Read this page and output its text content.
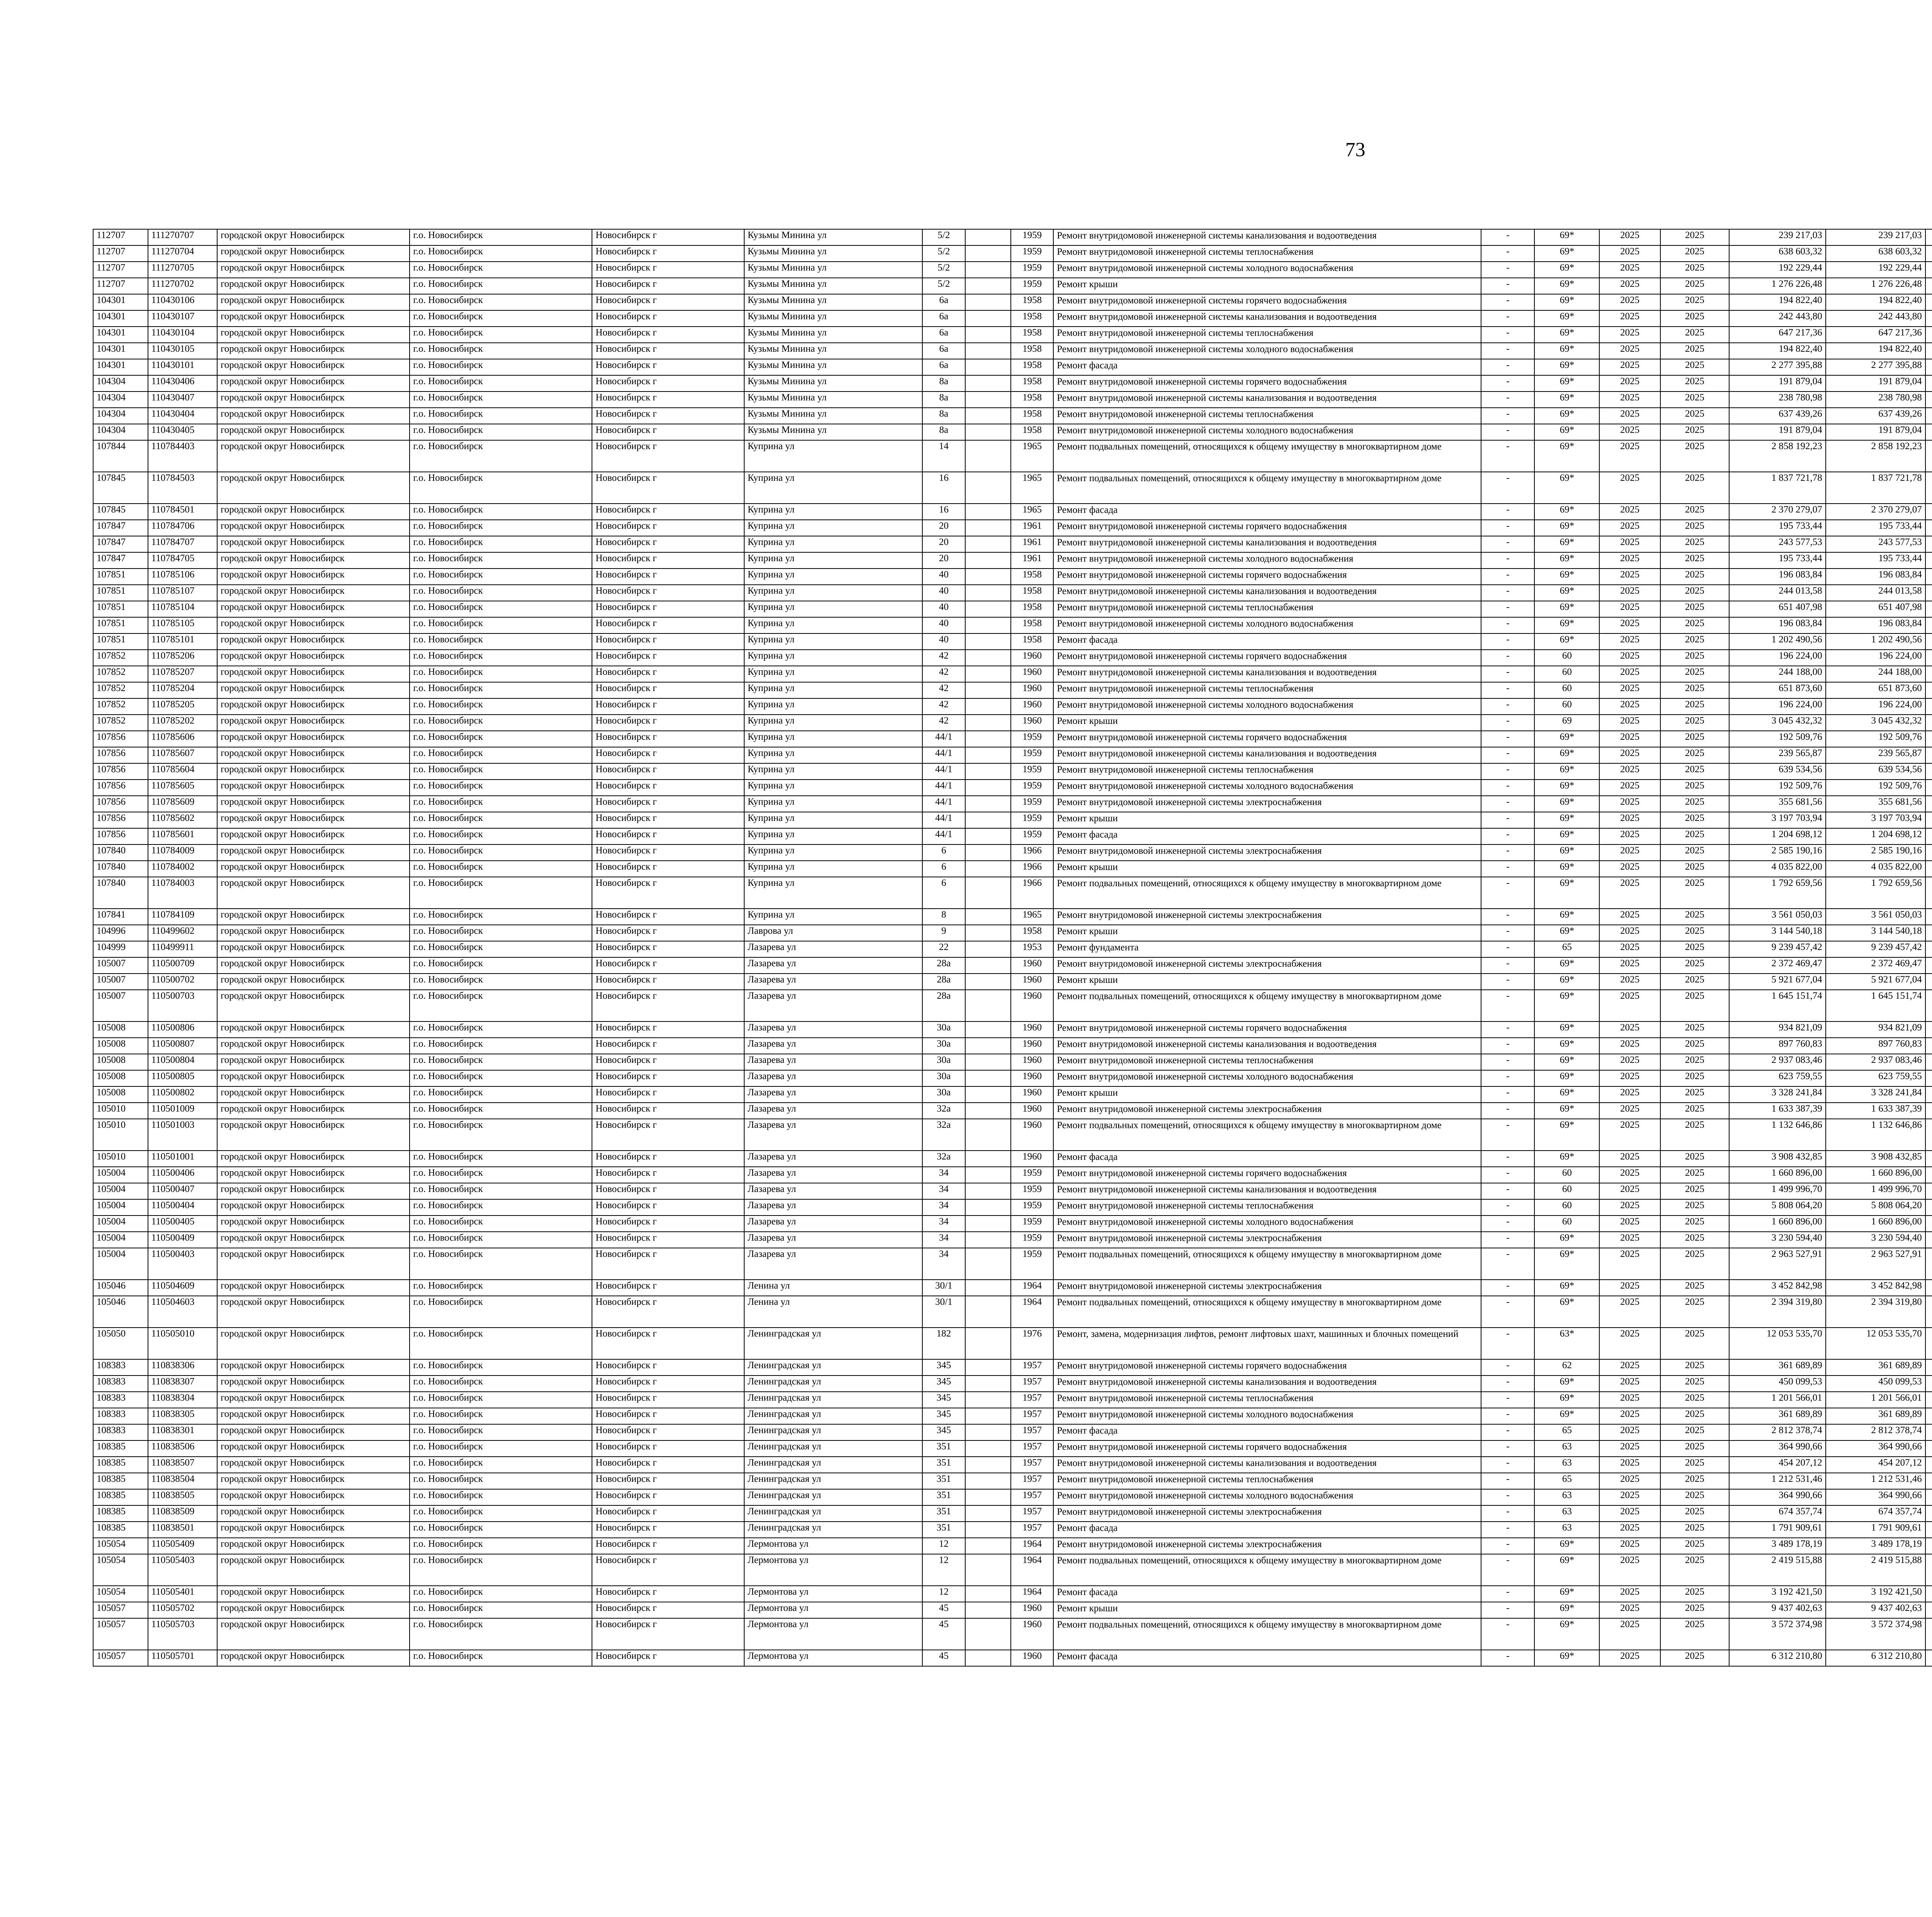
73
112707	111270707	городской округ Новосибирск	г.о. Новосибирск	Новосибирск г	Кузьмы Минина ул	5/2		1959	Ремонт внутридомовой инженерной системы канализования и водоотведения	-	69*	2025	2025	239 217,03	239 217,03						
112707	111270704	городской округ Новосибирск	г.о. Новосибирск	Новосибирск г	Кузьмы Минина ул	5/2		1959	Ремонт внутридомовой инженерной системы теплоснабжения	-	69*	2025	2025	638 603,32	638 603,32						
112707	111270705	городской округ Новосибирск	г.о. Новосибирск	Новосибирск г	Кузьмы Минина ул	5/2		1959	Ремонт внутридомовой инженерной системы холодного водоснабжения	-	69*	2025	2025	192 229,44	192 229,44						
112707	111270702	городской округ Новосибирск	г.о. Новосибирск	Новосибирск г	Кузьмы Минина ул	5/2		1959	Ремонт крыши	-	69*	2025	2025	1 276 226,48	1 276 226,48						
104301	110430106	городской округ Новосибирск	г.о. Новосибирск	Новосибирск г	Кузьмы Минина ул	6а		1958	Ремонт внутридомовой инженерной системы горячего водоснабжения	-	69*	2025	2025	194 822,40	194 822,40						
104301	110430107	городской округ Новосибирск	г.о. Новосибирск	Новосибирск г	Кузьмы Минина ул	6а		1958	Ремонт внутридомовой инженерной системы канализования и водоотведения	-	69*	2025	2025	242 443,80	242 443,80						
104301	110430104	городской округ Новосибирск	г.о. Новосибирск	Новосибирск г	Кузьмы Минина ул	6а		1958	Ремонт внутридомовой инженерной системы теплоснабжения	-	69*	2025	2025	647 217,36	647 217,36						
104301	110430105	городской округ Новосибирск	г.о. Новосибирск	Новосибирск г	Кузьмы Минина ул	6а		1958	Ремонт внутридомовой инженерной системы холодного водоснабжения	-	69*	2025	2025	194 822,40	194 822,40						
104301	110430101	городской округ Новосибирск	г.о. Новосибирск	Новосибирск г	Кузьмы Минина ул	6а		1958	Ремонт фасада	-	69*	2025	2025	2 277 395,88	2 277 395,88						
104304	110430406	городской округ Новосибирск	г.о. Новосибирск	Новосибирск г	Кузьмы Минина ул	8а		1958	Ремонт внутридомовой инженерной системы горячего водоснабжения	-	69*	2025	2025	191 879,04	191 879,04						
104304	110430407	городской округ Новосибирск	г.о. Новосибирск	Новосибирск г	Кузьмы Минина ул	8а		1958	Ремонт внутридомовой инженерной системы канализования и водоотведения	-	69*	2025	2025	238 780,98	238 780,98						
104304	110430404	городской округ Новосибирск	г.о. Новосибирск	Новосибирск г	Кузьмы Минина ул	8а		1958	Ремонт внутридомовой инженерной системы теплоснабжения	-	69*	2025	2025	637 439,26	637 439,26						
104304	110430405	городской округ Новосибирск	г.о. Новосибирск	Новосибирск г	Кузьмы Минина ул	8а		1958	Ремонт внутридомовой инженерной системы холодного водоснабжения	-	69*	2025	2025	191 879,04	191 879,04						
107844	110784403	городской округ Новосибирск	г.о. Новосибирск	Новосибирск г	Куприна ул	14		1965	Ремонт подвальных помещений, относящихся к общему имуществу в многоквартирном доме	-	69*	2025	2025	2 858 192,23	2 858 192,23						
107845	110784503	городской округ Новосибирск	г.о. Новосибирск	Новосибирск г	Куприна ул	16		1965	Ремонт подвальных помещений, относящихся к общему имуществу в многоквартирном доме	-	69*	2025	2025	1 837 721,78	1 837 721,78						
107845	110784501	городской округ Новосибирск	г.о. Новосибирск	Новосибирск г	Куприна ул	16		1965	Ремонт фасада	-	69*	2025	2025	2 370 279,07	2 370 279,07						
107847	110784706	городской округ Новосибирск	г.о. Новосибирск	Новосибирск г	Куприна ул	20		1961	Ремонт внутридомовой инженерной системы горячего водоснабжения	-	69*	2025	2025	195 733,44	195 733,44						
107847	110784707	городской округ Новосибирск	г.о. Новосибирск	Новосибирск г	Куприна ул	20		1961	Ремонт внутридомовой инженерной системы канализования и водоотведения	-	69*	2025	2025	243 577,53	243 577,53						
107847	110784705	городской округ Новосибирск	г.о. Новосибирск	Новосибирск г	Куприна ул	20		1961	Ремонт внутридомовой инженерной системы холодного водоснабжения	-	69*	2025	2025	195 733,44	195 733,44						
107851	110785106	городской округ Новосибирск	г.о. Новосибирск	Новосибирск г	Куприна ул	40		1958	Ремонт внутридомовой инженерной системы горячего водоснабжения	-	69*	2025	2025	196 083,84	196 083,84						
107851	110785107	городской округ Новосибирск	г.о. Новосибирск	Новосибирск г	Куприна ул	40		1958	Ремонт внутридомовой инженерной системы канализования и водоотведения	-	69*	2025	2025	244 013,58	244 013,58						
107851	110785104	городской округ Новосибирск	г.о. Новосибирск	Новосибирск г	Куприна ул	40		1958	Ремонт внутридомовой инженерной системы теплоснабжения	-	69*	2025	2025	651 407,98	651 407,98						
107851	110785105	городской округ Новосибирск	г.о. Новосибирск	Новосибирск г	Куприна ул	40		1958	Ремонт внутридомовой инженерной системы холодного водоснабжения	-	69*	2025	2025	196 083,84	196 083,84						
107851	110785101	городской округ Новосибирск	г.о. Новосибирск	Новосибирск г	Куприна ул	40		1958	Ремонт фасада	-	69*	2025	2025	1 202 490,56	1 202 490,56						
107852	110785206	городской округ Новосибирск	г.о. Новосибирск	Новосибирск г	Куприна ул	42		1960	Ремонт внутридомовой инженерной системы горячего водоснабжения	-	60	2025	2025	196 224,00	196 224,00						
107852	110785207	городской округ Новосибирск	г.о. Новосибирск	Новосибирск г	Куприна ул	42		1960	Ремонт внутридомовой инженерной системы канализования и водоотведения	-	60	2025	2025	244 188,00	244 188,00						
107852	110785204	городской округ Новосибирск	г.о. Новосибирск	Новосибирск г	Куприна ул	42		1960	Ремонт внутридомовой инженерной системы теплоснабжения	-	60	2025	2025	651 873,60	651 873,60						
107852	110785205	городской округ Новосибирск	г.о. Новосибирск	Новосибирск г	Куприна ул	42		1960	Ремонт внутридомовой инженерной системы холодного водоснабжения	-	60	2025	2025	196 224,00	196 224,00						
107852	110785202	городской округ Новосибирск	г.о. Новосибирск	Новосибирск г	Куприна ул	42		1960	Ремонт крыши	-	69	2025	2025	3 045 432,32	3 045 432,32						
107856	110785606	городской округ Новосибирск	г.о. Новосибирск	Новосибирск г	Куприна ул	44/1		1959	Ремонт внутридомовой инженерной системы горячего водоснабжения	-	69*	2025	2025	192 509,76	192 509,76						
107856	110785607	городской округ Новосибирск	г.о. Новосибирск	Новосибирск г	Куприна ул	44/1		1959	Ремонт внутридомовой инженерной системы канализования и водоотведения	-	69*	2025	2025	239 565,87	239 565,87						
107856	110785604	городской округ Новосибирск	г.о. Новосибирск	Новосибирск г	Куприна ул	44/1		1959	Ремонт внутридомовой инженерной системы теплоснабжения	-	69*	2025	2025	639 534,56	639 534,56						
107856	110785605	городской округ Новосибирск	г.о. Новосибирск	Новосибирск г	Куприна ул	44/1		1959	Ремонт внутридомовой инженерной системы холодного водоснабжения	-	69*	2025	2025	192 509,76	192 509,76						
107856	110785609	городской округ Новосибирск	г.о. Новосибирск	Новосибирск г	Куприна ул	44/1		1959	Ремонт внутридомовой инженерной системы электроснабжения	-	69*	2025	2025	355 681,56	355 681,56						
107856	110785602	городской округ Новосибирск	г.о. Новосибирск	Новосибирск г	Куприна ул	44/1		1959	Ремонт крыши	-	69*	2025	2025	3 197 703,94	3 197 703,94						
107856	110785601	городской округ Новосибирск	г.о. Новосибирск	Новосибирск г	Куприна ул	44/1		1959	Ремонт фасада	-	69*	2025	2025	1 204 698,12	1 204 698,12						
107840	110784009	городской округ Новосибирск	г.о. Новосибирск	Новосибирск г	Куприна ул	6		1966	Ремонт внутридомовой инженерной системы электроснабжения	-	69*	2025	2025	2 585 190,16	2 585 190,16						
107840	110784002	городской округ Новосибирск	г.о. Новосибирск	Новосибирск г	Куприна ул	6		1966	Ремонт крыши	-	69*	2025	2025	4 035 822,00	4 035 822,00						
107840	110784003	городской округ Новосибирск	г.о. Новосибирск	Новосибирск г	Куприна ул	6		1966	Ремонт подвальных помещений, относящихся к общему имуществу в многоквартирном доме	-	69*	2025	2025	1 792 659,56	1 792 659,56						
107841	110784109	городской округ Новосибирск	г.о. Новосибирск	Новосибирск г	Куприна ул	8		1965	Ремонт внутридомовой инженерной системы электроснабжения	-	69*	2025	2025	3 561 050,03	3 561 050,03						
104996	110499602	городской округ Новосибирск	г.о. Новосибирск	Новосибирск г	Лаврова ул	9		1958	Ремонт крыши	-	69*	2025	2025	3 144 540,18	3 144 540,18						
104999	110499911	городской округ Новосибирск	г.о. Новосибирск	Новосибирск г	Лазарева ул	22		1953	Ремонт фундамента	-	65	2025	2025	9 239 457,42	9 239 457,42						
105007	110500709	городской округ Новосибирск	г.о. Новосибирск	Новосибирск г	Лазарева ул	28а		1960	Ремонт внутридомовой инженерной системы электроснабжения	-	69*	2025	2025	2 372 469,47	2 372 469,47						
105007	110500702	городской округ Новосибирск	г.о. Новосибирск	Новосибирск г	Лазарева ул	28а		1960	Ремонт крыши	-	69*	2025	2025	5 921 677,04	5 921 677,04						
105007	110500703	городской округ Новосибирск	г.о. Новосибирск	Новосибирск г	Лазарева ул	28а		1960	Ремонт подвальных помещений, относящихся к общему имуществу в многоквартирном доме	-	69*	2025	2025	1 645 151,74	1 645 151,74						
105008	110500806	городской округ Новосибирск	г.о. Новосибирск	Новосибирск г	Лазарева ул	30а		1960	Ремонт внутридомовой инженерной системы горячего водоснабжения	-	69*	2025	2025	934 821,09	934 821,09						
105008	110500807	городской округ Новосибирск	г.о. Новосибирск	Новосибирск г	Лазарева ул	30а		1960	Ремонт внутридомовой инженерной системы канализования и водоотведения	-	69*	2025	2025	897 760,83	897 760,83						
105008	110500804	городской округ Новосибирск	г.о. Новосибирск	Новосибирск г	Лазарева ул	30а		1960	Ремонт внутридомовой инженерной системы теплоснабжения	-	69*	2025	2025	2 937 083,46	2 937 083,46						
105008	110500805	городской округ Новосибирск	г.о. Новосибирск	Новосибирск г	Лазарева ул	30а		1960	Ремонт внутридомовой инженерной системы холодного водоснабжения	-	69*	2025	2025	623 759,55	623 759,55						
105008	110500802	городской округ Новосибирск	г.о. Новосибирск	Новосибирск г	Лазарева ул	30а		1960	Ремонт крыши	-	69*	2025	2025	3 328 241,84	3 328 241,84						
105010	110501009	городской округ Новосибирск	г.о. Новосибирск	Новосибирск г	Лазарева ул	32а		1960	Ремонт внутридомовой инженерной системы электроснабжения	-	69*	2025	2025	1 633 387,39	1 633 387,39						
105010	110501003	городской округ Новосибирск	г.о. Новосибирск	Новосибирск г	Лазарева ул	32а		1960	Ремонт подвальных помещений, относящихся к общему имуществу в многоквартирном доме	-	69*	2025	2025	1 132 646,86	1 132 646,86						
105010	110501001	городской округ Новосибирск	г.о. Новосибирск	Новосибирск г	Лазарева ул	32а		1960	Ремонт фасада	-	69*	2025	2025	3 908 432,85	3 908 432,85						
105004	110500406	городской округ Новосибирск	г.о. Новосибирск	Новосибирск г	Лазарева ул	34		1959	Ремонт внутридомовой инженерной системы горячего водоснабжения	-	60	2025	2025	1 660 896,00	1 660 896,00						
105004	110500407	городской округ Новосибирск	г.о. Новосибирск	Новосибирск г	Лазарева ул	34		1959	Ремонт внутридомовой инженерной системы канализования и водоотведения	-	60	2025	2025	1 499 996,70	1 499 996,70						
105004	110500404	городской округ Новосибирск	г.о. Новосибирск	Новосибирск г	Лазарева ул	34		1959	Ремонт внутридомовой инженерной системы теплоснабжения	-	60	2025	2025	5 808 064,20	5 808 064,20						
105004	110500405	городской округ Новосибирск	г.о. Новосибирск	Новосибирск г	Лазарева ул	34		1959	Ремонт внутридомовой инженерной системы холодного водоснабжения	-	60	2025	2025	1 660 896,00	1 660 896,00						
105004	110500409	городской округ Новосибирск	г.о. Новосибирск	Новосибирск г	Лазарева ул	34		1959	Ремонт внутридомовой инженерной системы электроснабжения	-	69*	2025	2025	3 230 594,40	3 230 594,40						
105004	110500403	городской округ Новосибирск	г.о. Новосибирск	Новосибирск г	Лазарева ул	34		1959	Ремонт подвальных помещений, относящихся к общему имуществу в многоквартирном доме	-	69*	2025	2025	2 963 527,91	2 963 527,91						
105046	110504609	городской округ Новосибирск	г.о. Новосибирск	Новосибирск г	Ленина ул	30/1		1964	Ремонт внутридомовой инженерной системы электроснабжения	-	69*	2025	2025	3 452 842,98	3 452 842,98						
105046	110504603	городской округ Новосибирск	г.о. Новосибирск	Новосибирск г	Ленина ул	30/1		1964	Ремонт подвальных помещений, относящихся к общему имуществу в многоквартирном доме	-	69*	2025	2025	2 394 319,80	2 394 319,80						
105050	110505010	городской округ Новосибирск	г.о. Новосибирск	Новосибирск г	Ленинградская ул	182		1976	Ремонт, замена, модернизация лифтов, ремонт лифтовых шахт, машинных и блочных помещений	-	63*	2025	2025	12 053 535,70	12 053 535,70						
108383	110838306	городской округ Новосибирск	г.о. Новосибирск	Новосибирск г	Ленинградская ул	345		1957	Ремонт внутридомовой инженерной системы горячего водоснабжения	-	62	2025	2025	361 689,89	361 689,89						
108383	110838307	городской округ Новосибирск	г.о. Новосибирск	Новосибирск г	Ленинградская ул	345		1957	Ремонт внутридомовой инженерной системы канализования и водоотведения	-	69*	2025	2025	450 099,53	450 099,53						
108383	110838304	городской округ Новосибирск	г.о. Новосибирск	Новосибирск г	Ленинградская ул	345		1957	Ремонт внутридомовой инженерной системы теплоснабжения	-	69*	2025	2025	1 201 566,01	1 201 566,01						
108383	110838305	городской округ Новосибирск	г.о. Новосибирск	Новосибирск г	Ленинградская ул	345		1957	Ремонт внутридомовой инженерной системы холодного водоснабжения	-	69*	2025	2025	361 689,89	361 689,89						
108383	110838301	городской округ Новосибирск	г.о. Новосибирск	Новосибирск г	Ленинградская ул	345		1957	Ремонт фасада	-	65	2025	2025	2 812 378,74	2 812 378,74						
108385	110838506	городской округ Новосибирск	г.о. Новосибирск	Новосибирск г	Ленинградская ул	351		1957	Ремонт внутридомовой инженерной системы горячего водоснабжения	-	63	2025	2025	364 990,66	364 990,66						
108385	110838507	городской округ Новосибирск	г.о. Новосибирск	Новосибирск г	Ленинградская ул	351		1957	Ремонт внутридомовой инженерной системы канализования и водоотведения	-	63	2025	2025	454 207,12	454 207,12						
108385	110838504	городской округ Новосибирск	г.о. Новосибирск	Новосибирск г	Ленинградская ул	351		1957	Ремонт внутридомовой инженерной системы теплоснабжения	-	65	2025	2025	1 212 531,46	1 212 531,46						
108385	110838505	городской округ Новосибирск	г.о. Новосибирск	Новосибирск г	Ленинградская ул	351		1957	Ремонт внутридомовой инженерной системы холодного водоснабжения	-	63	2025	2025	364 990,66	364 990,66						
108385	110838509	городской округ Новосибирск	г.о. Новосибирск	Новосибирск г	Ленинградская ул	351		1957	Ремонт внутридомовой инженерной системы электроснабжения	-	63	2025	2025	674 357,74	674 357,74						
108385	110838501	городской округ Новосибирск	г.о. Новосибирск	Новосибирск г	Ленинградская ул	351		1957	Ремонт фасада	-	63	2025	2025	1 791 909,61	1 791 909,61						
105054	110505409	городской округ Новосибирск	г.о. Новосибирск	Новосибирск г	Лермонтова ул	12		1964	Ремонт внутридомовой инженерной системы электроснабжения	-	69*	2025	2025	3 489 178,19	3 489 178,19						
105054	110505403	городской округ Новосибирск	г.о. Новосибирск	Новосибирск г	Лермонтова ул	12		1964	Ремонт подвальных помещений, относящихся к общему имуществу в многоквартирном доме	-	69*	2025	2025	2 419 515,88	2 419 515,88						
105054	110505401	городской округ Новосибирск	г.о. Новосибирск	Новосибирск г	Лермонтова ул	12		1964	Ремонт фасада	-	69*	2025	2025	3 192 421,50	3 192 421,50						
105057	110505702	городской округ Новосибирск	г.о. Новосибирск	Новосибирск г	Лермонтова ул	45		1960	Ремонт крыши	-	69*	2025	2025	9 437 402,63	9 437 402,63						
105057	110505703	городской округ Новосибирск	г.о. Новосибирск	Новосибирск г	Лермонтова ул	45		1960	Ремонт подвальных помещений, относящихся к общему имуществу в многоквартирном доме	-	69*	2025	2025	3 572 374,98	3 572 374,98						
105057	110505701	городской округ Новосибирск	г.о. Новосибирск	Новосибирск г	Лермонтова ул	45		1960	Ремонт фасада	-	69*	2025	2025	6 312 210,80	6 312 210,80						
